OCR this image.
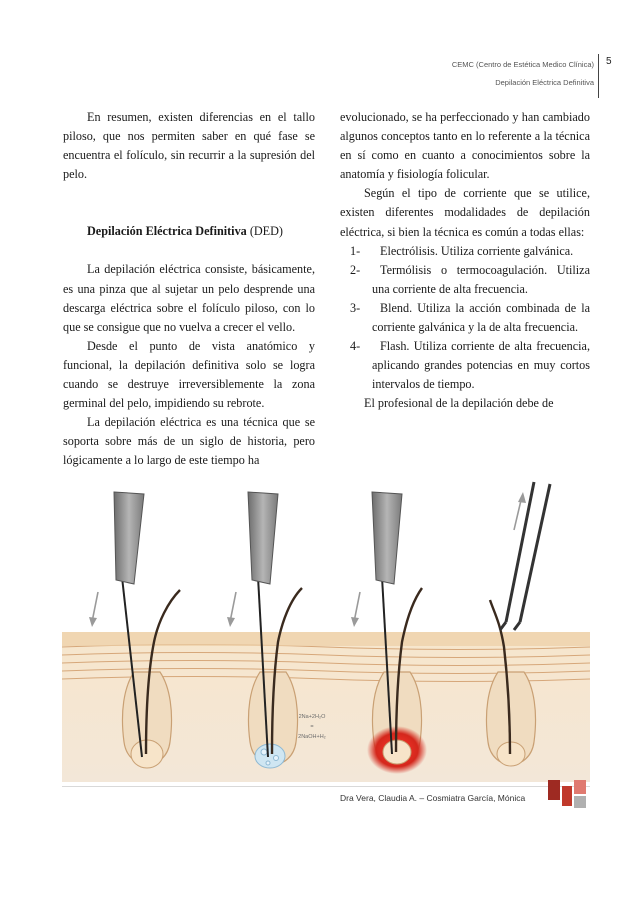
CEMC (Centro de Estética Medico Clínica)
Depilación Eléctrica Definitiva
5

En resumen, existen diferencias en el tallo piloso, que nos permiten saber en qué fase se encuentra el folículo, sin recurrir a la supresión del pelo.

Depilación Eléctrica Definitiva (DED)

La depilación eléctrica consiste, básicamente, es una pinza que al sujetar un pelo desprende una descarga eléctrica sobre el folículo piloso, con lo que se consigue que no vuelva a crecer el vello.

Desde el punto de vista anatómico y funcional, la depilación definitiva solo se logra cuando se destruye irreversiblemente la zona germinal del pelo, impidiendo su rebrote.

La depilación eléctrica es una técnica que se soporta sobre más de un siglo de historia, pero lógicamente a lo largo de este tiempo ha

evolucionado, se ha perfeccionado y han cambiado algunos conceptos tanto en lo referente a la técnica en sí como en cuanto a conocimientos sobre la anatomía y fisiología folicular.

Según el tipo de corriente que se utilice, existen diferentes modalidades de depilación eléctrica, si bien la técnica es común a todas ellas:

1- Electrólisis. Utiliza corriente galvánica.

2- Termólisis o termocoagulación. Utiliza una corriente de alta frecuencia.

3- Blend. Utiliza la acción combinada de la corriente galvánica y la de alta frecuencia.

4- Flash. Utiliza corriente de alta frecuencia, aplicando grandes potencias en muy cortos intervalos de tiempo.

El profesional de la depilación debe de

2Na+2H₂O
=
2NaOH+H₂
Dra Vera, Claudia A. – Cosmiatra García, Mónica
